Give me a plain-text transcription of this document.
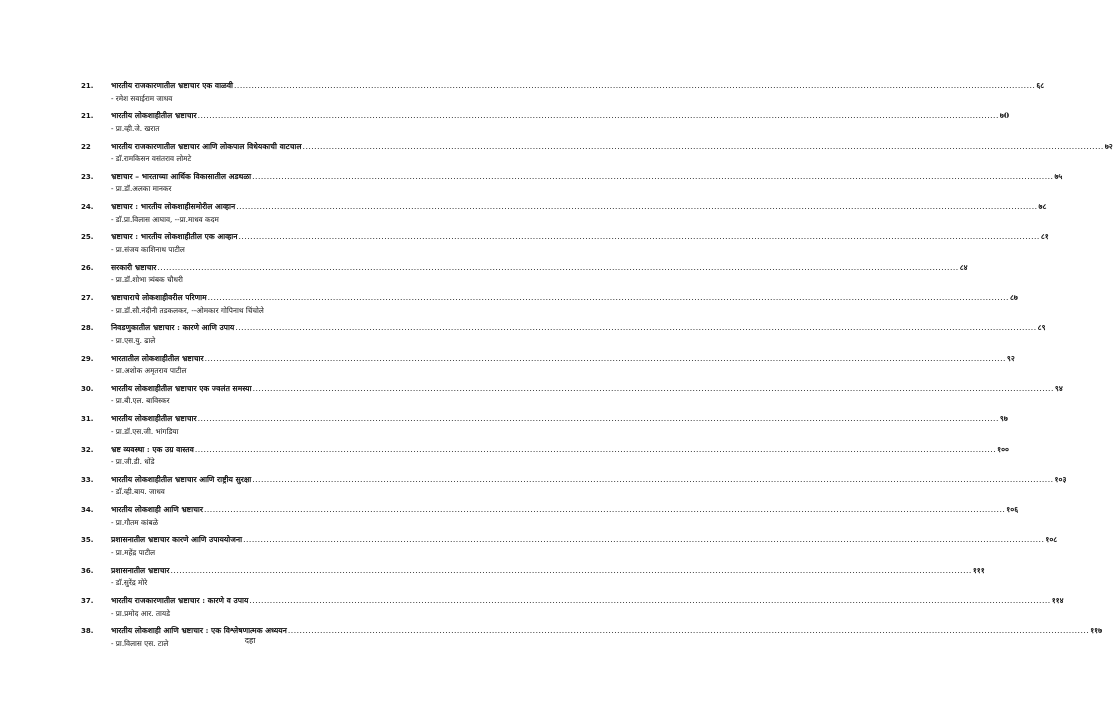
21.	भारतीय राजकारणातील भ्रष्टाचार एक वाळवी .....	६८
- रमेश सवाईराम जाधव
21.	भारतीय लोकशाहीतील भ्रष्टाचार .....	७0
- प्रा.व्ही.जे. खरात
22	भारतीय राजकारणातील भ्रष्टाचार आणि लोकपाल विधेयकाची वाटचाल .....	७२
- डॉ.रामकिसन वसंतराव लोमटे
23.	भ्रष्टाचार – भारताच्या आर्थिक विकासातील अडथळा .....	७५
- प्रा.डॉ.अलका मानकर
24.	भ्रष्टाचार : भारतीय लोकशाहीसमोरील आव्हान .....	७८
- डॉ.प्रा.विलास आघाव, --प्रा.माधव कदम
25.	भ्रष्टाचार : भारतीय लोकशाहीतील एक आव्हान .....	८१
- प्रा.संजय काशिनाथ पाटील
26.	सरकारी भ्रष्टाचार .....	८४
- प्रा.डॉ.शोभा त्र्यंबक चौधरी
27.	भ्रष्टाचाराचे लोकशाहीवरील परिणाम .....	८७
- प्रा.डॉ.सौ.नंदीनी तडकलकर, --ओमकार गोपिनाथ चिंचोले
28.	निवडणुकातील भ्रष्टाचार : कारणे आणि उपाय .....	८९
- प्रा.एस.यु. ढाले
29.	भारतातील लोकशाहीतील भ्रष्टाचार .....	९२
- प्रा.अशोक अमृतराव पाटील
30.	भारतीय लोकशाहीतील भ्रष्टाचार एक ज्वलंत समस्या .....	९४
- प्रा.बी.एल. बाविस्कर
31.	भारतीय लोकशाहीतील भ्रष्टाचार .....	९७
- प्रा.डॉ.एस.जी. भांगडिया
32.	भ्रष्ट व्यवस्था : एक उग्र वास्तव .....	१००
- प्रा.जी.डी. धोंडे
33.	भारतीय लोकशाहीतील भ्रष्टाचार आणि राष्ट्रीय सुरक्षा .....	१०३
- डॉ.व्ही.बाय. जाधव
34.	भारतीय लोकशाही आणि भ्रष्टाचार .....	१०६
- प्रा.गौतम कांबळे
35.	प्रशासनातील भ्रष्टाचार कारणे आणि उपाययोजना .....	१०८
- प्रा.महेंद्र पाटील
36.	प्रशासनातील भ्रष्टाचार .....	१११
- डॉ.सुरेंद्र मोरे
37.	भारतीय राजकारणातील भ्रष्टाचार : कारणे व उपाय .....	११४
- प्रा.प्रमोद आर. तायडे
38.	भारतीय लोकशाही आणि भ्रष्टाचार : एक विश्लेषणात्मक अध्ययन .....	११७
- प्रा.विलास एस. टाले	दहा
